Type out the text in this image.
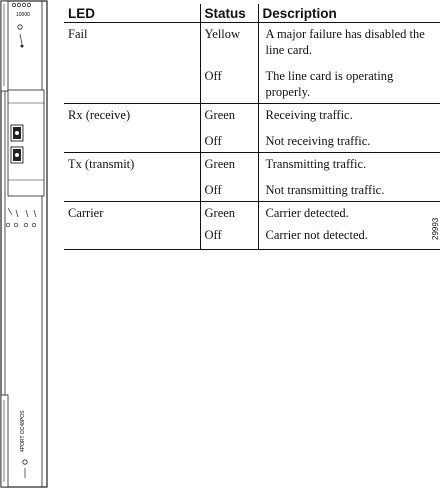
10000
4PORT OC48POS
LED	Status	Description
Fail	Yellow	A major failure has disabled the line card.
	Off	The line card is operating properly.
Rx (receive)	Green	Receiving traffic.
	Off	Not receiving traffic.
Tx (transmit)	Green	Transmitting traffic.
	Off	Not transmitting traffic.
Carrier	Green	Carrier detected.
	Off	Carrier not detected.	29993
